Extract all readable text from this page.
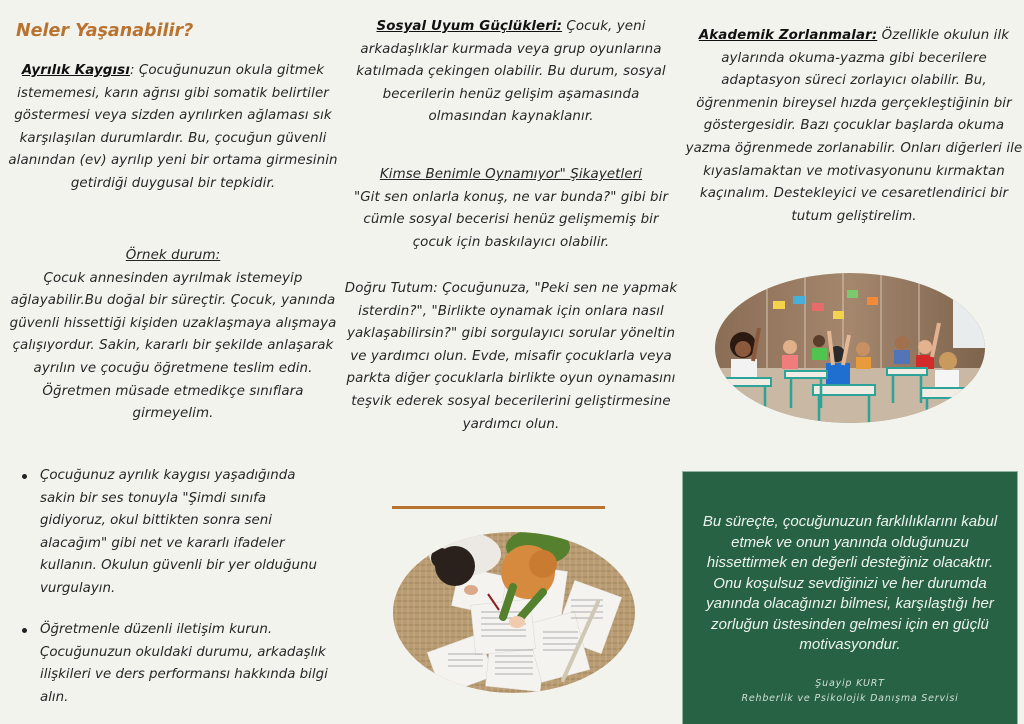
Neler Yaşanabilir?
Ayrılık Kaygısı: Çocuğunuzun okula gitmek istememesi, karın ağrısı gibi somatik belirtiler göstermesi veya sizden ayrılırken ağlaması sık karşılaşılan durumlardır. Bu, çocuğun güvenli alanından (ev) ayrılıp yeni bir ortama girmesinin getirdiği duygusal bir tepkidir.
Örnek durum:
Çocuk annesinden ayrılmak istemeyip ağlayabilir.Bu doğal bir süreçtir. Çocuk, yanında güvenli hissettiği kişiden uzaklaşmaya alışmaya çalışıyordur. Sakin, kararlı bir şekilde anlaşarak ayrılın ve çocuğu öğretmene teslim edin. Öğretmen müsade etmedikçe sınıflara girmeyelim.
Çocuğunuz ayrılık kaygısı yaşadığında sakin bir ses tonuyla "Şimdi sınıfa gidiyoruz, okul bittikten sonra seni alacağım" gibi net ve kararlı ifadeler kullanın. Okulun güvenli bir yer olduğunu vurgulayın.
Öğretmenle düzenli iletişim kurun. Çocuğunuzun okuldaki durumu, arkadaşlık ilişkileri ve ders performansı hakkında bilgi alın.
Sosyal Uyum Güçlükleri: Çocuk, yeni arkadaşlıklar kurmada veya grup oyunlarına katılmada çekingen olabilir. Bu durum, sosyal becerilerin henüz gelişim aşamasında olmasından kaynaklanır.
Kimse Benimle Oynamıyor" Şikayetleri
"Git sen onlarla konuş, ne var bunda?" gibi bir cümle sosyal becerisi henüz gelişmemiş bir çocuk için baskılayıcı olabilir.
Doğru Tutum: Çocuğunuza, "Peki sen ne yapmak isterdin?", "Birlikte oynamak için onlara nasıl yaklaşabilirsin?" gibi sorgulayıcı sorular yöneltin ve yardımcı olun. Evde, misafir çocuklarla veya parkta diğer çocuklarla birlikte oyun oynamasını teşvik ederek sosyal becerilerini geliştirmesine yardımcı olun.
Akademik Zorlanmalar: Özellikle okulun ilk aylarında okuma-yazma gibi becerilere adaptasyon süreci zorlayıcı olabilir. Bu, öğrenmenin bireysel hızda gerçekleştiğinin bir göstergesidir. Bazı çocuklar başlarda okuma yazma öğrenmede zorlanabilir. Onları diğerleri ile kıyaslamaktan ve motivasyonunu kırmaktan kaçınalım. Destekleyici ve cesaretlendirici bir tutum geliştirelim.
Bu süreçte, çocuğunuzun farklılıklarını kabul etmek ve onun yanında olduğunuzu hissettirmek en değerli desteğiniz olacaktır. Onu koşulsuz sevdiğinizi ve her durumda yanında olacağınızı bilmesi, karşılaştığı her zorluğun üstesinden gelmesi için en güçlü motivasyondur.
Şuayip KURT
Rehberlik ve Psikolojik Danışma Servisi
